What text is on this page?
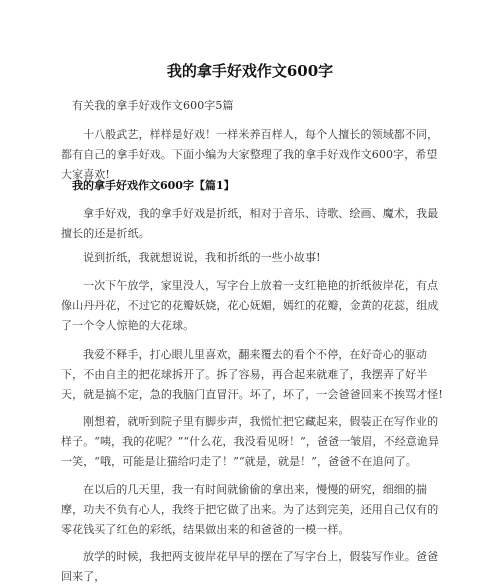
我的拿手好戏作文600字

有关我的拿手好戏作文600字5篇

十八般武艺，样样是好戏！一样米养百样人，每个人擅长的领域都不同，都有自己的拿手好戏。下面小编为大家整理了我的拿手好戏作文600字，希望大家喜欢!

我的拿手好戏作文600字【篇1】

拿手好戏，我的拿手好戏是折纸，相对于音乐、诗歌、绘画、魔术，我最擅长的还是折纸。

说到折纸，我就想说说，我和折纸的一些小故事!

一次下午放学，家里没人，写字台上放着一支红艳艳的折纸彼岸花，有点像山丹丹花，不过它的花瓣妖娆，花心妩媚，嫣红的花瓣，金黄的花蕊，组成了一个令人惊艳的大花球。

我爱不释手，打心眼儿里喜欢，翻来覆去的看个不停，在好奇心的驱动下，不由自主的把花球拆开了。拆了容易，再合起来就难了，我摆弄了好半天，就是搞不定，急的我脑门直冒汗。坏了，坏了，一会爸爸回来不挨骂才怪!

刚想着，就听到院子里有脚步声，我慌忙把它藏起来，假装正在写作业的样子。“咦，我的花呢？”“什么花，我没看见呀！”，爸爸一皱眉，不经意诡异一笑，“哦，可能是让猫给叼走了！”“就是，就是！”，爸爸不在追问了。

在以后的几天里，我一有时间就偷偷的拿出来，慢慢的研究，细细的揣摩，功夫不负有心人，我终于把它做了出来。为了达到完美，还用自己仅有的零花钱买了红色的彩纸，结果做出来的和爸爸的一模一样。

放学的时候，我把两支彼岸花早早的摆在了写字台上，假装写作业。爸爸回来了，
